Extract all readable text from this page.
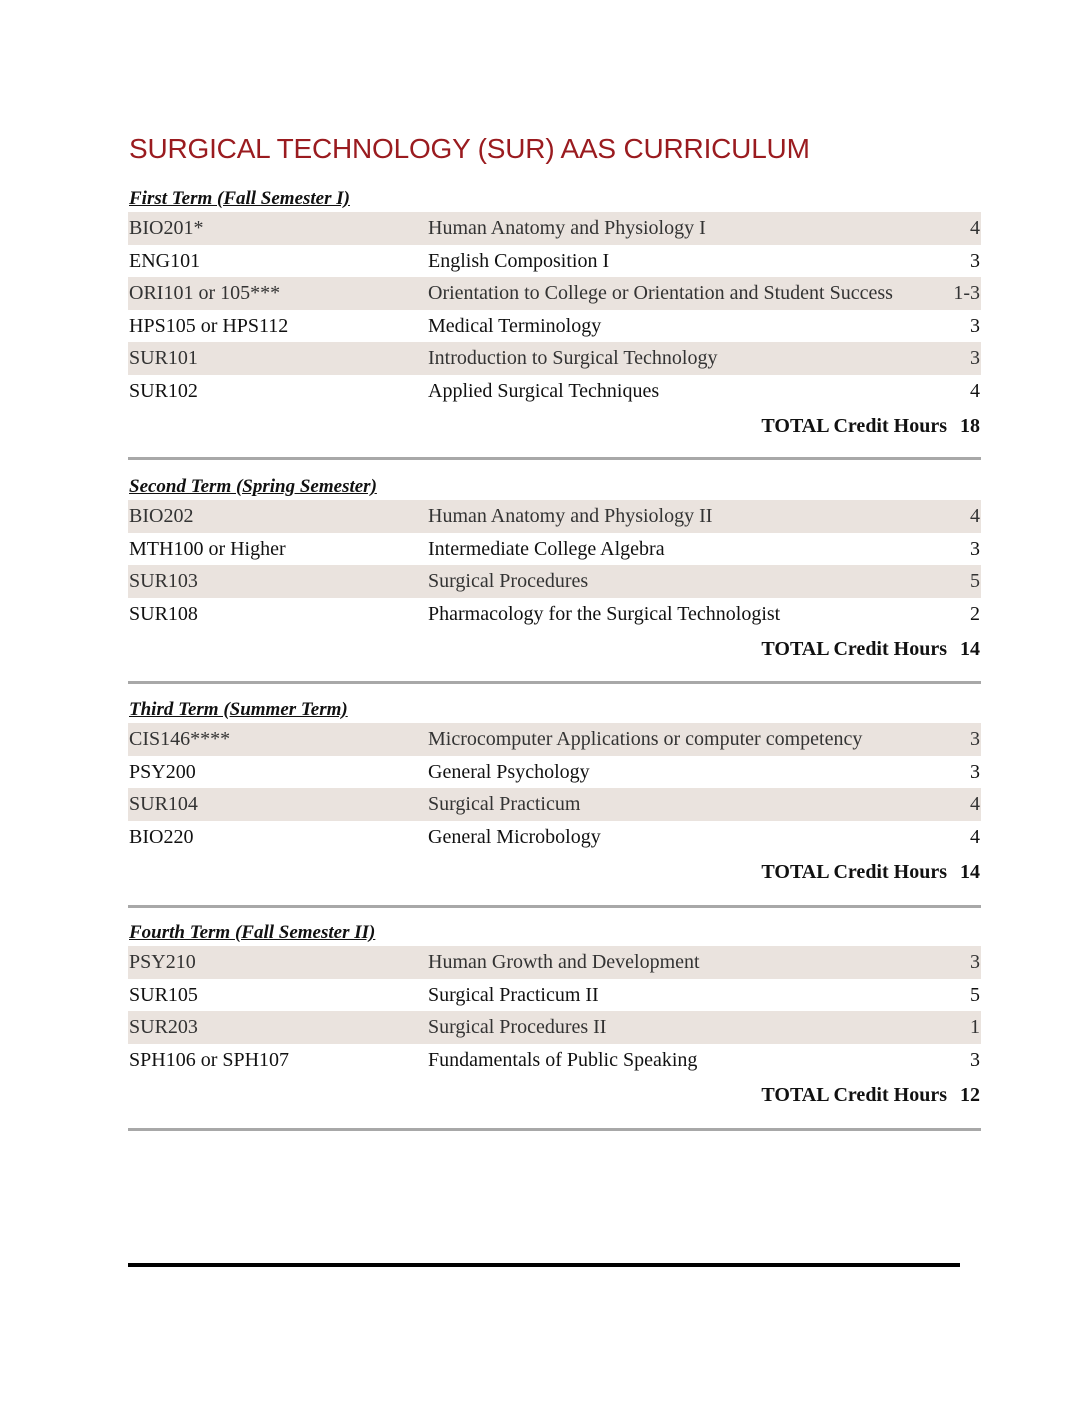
SURGICAL TECHNOLOGY (SUR) AAS CURRICULUM
First Term (Fall Semester I)
BIO201*	Human Anatomy and Physiology I	4
ENG101	English Composition I	3
ORI101 or 105***	Orientation to College or Orientation and Student Success	1-3
HPS105 or HPS112	Medical Terminology	3
SUR101	Introduction to Surgical Technology	3
SUR102	Applied Surgical Techniques	4
TOTAL Credit Hours 18
Second Term (Spring Semester)
BIO202	Human Anatomy and Physiology II	4
MTH100 or Higher	Intermediate College Algebra	3
SUR103	Surgical Procedures	5
SUR108	Pharmacology for the Surgical Technologist	2
TOTAL Credit Hours 14
Third Term (Summer Term)
CIS146****	Microcomputer Applications or computer competency	3
PSY200	General Psychology	3
SUR104	Surgical Practicum	4
BIO220	General Microbology	4
TOTAL Credit Hours 14
Fourth Term (Fall Semester II)
PSY210	Human Growth and Development	3
SUR105	Surgical Practicum II	5
SUR203	Surgical Procedures II	1
SPH106 or SPH107	Fundamentals of Public Speaking	3
TOTAL Credit Hours 12
